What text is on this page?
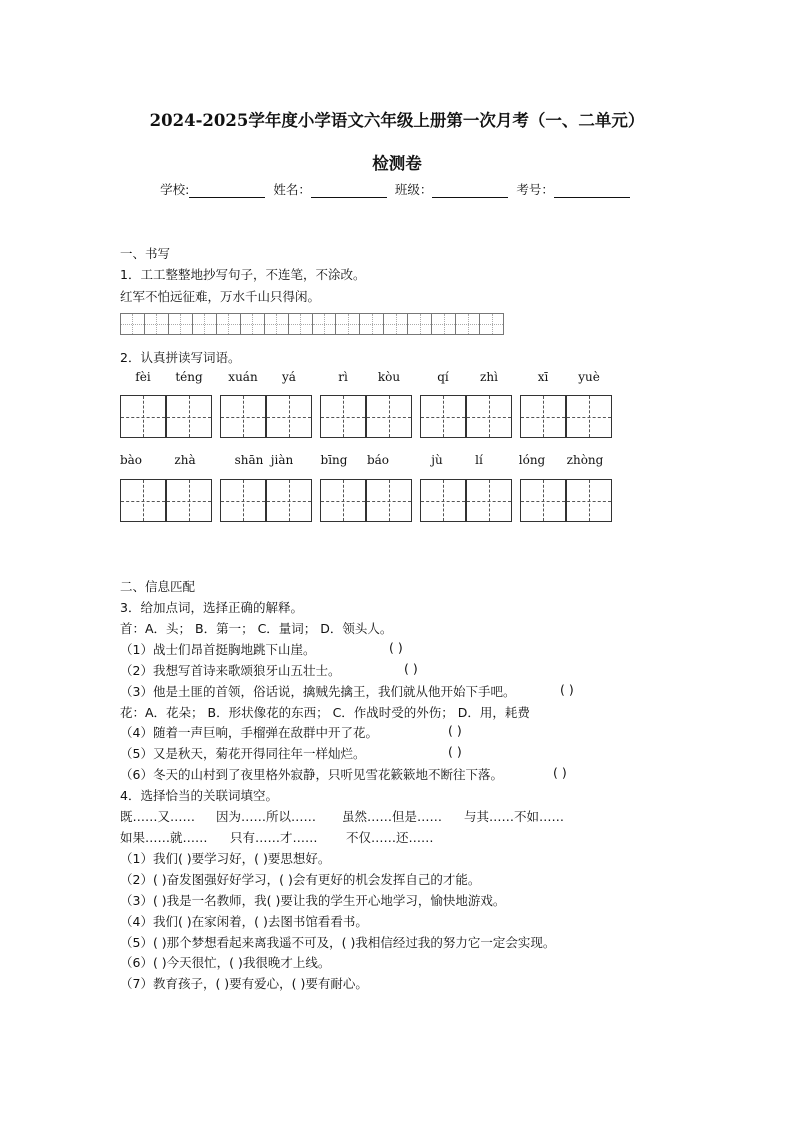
2024-2025学年度小学语文六年级上册第一次月考（一、二单元）
检测卷
学校:	姓名：	班级：	考号：
一、书写
1．工工整整地抄写句子，不连笔，不涂改。
红军不怕远征难，万水千山只得闲。
2．认真拼读写词语。
fèi	téng	xuán	yá	rì	kòu	qí	zhì	xī	yuè
bào	zhà	shān jiàn	bīng	báo	jù	lí	lóng	zhòng
二、信息匹配
3．给加点词，选择正确的解释。
首：A．头； B．第一； C．量词； D．领头人。
（1）战士们昂首挺胸地跳下山崖。	( )
（2）我想写首诗来歌颂狼牙山五壮士。	( )
（3）他是土匪的首领，俗话说，擒贼先擒王，我们就从他开始下手吧。	( )
花：A．花朵； B．形状像花的东西； C．作战时受的外伤； D．用，耗费
（4）随着一声巨响，手榴弹在敌群中开了花。	( )
（5）又是秋天，菊花开得同往年一样灿烂。	( )
（6）冬天的山村到了夜里格外寂静，只听见雪花簌簌地不断往下落。	( )
4．选择恰当的关联词填空。
既……又…… 因为……所以…… 虽然……但是…… 与其……不如……
如果……就…… 只有……才…… 不仅……还……
（1）我们( )要学习好，( )要思想好。
（2）( )奋发图强好好学习，( )会有更好的机会发挥自己的才能。
（3）( )我是一名教师，我( )要让我的学生开心地学习，愉快地游戏。
（4）我们( )在家闲着，( )去图书馆看看书。
（5）( )那个梦想看起来离我遥不可及，( )我相信经过我的努力它一定会实现。
（6）( )今天很忙，( )我很晚才上线。
（7）教育孩子，( )要有爱心，( )要有耐心。
